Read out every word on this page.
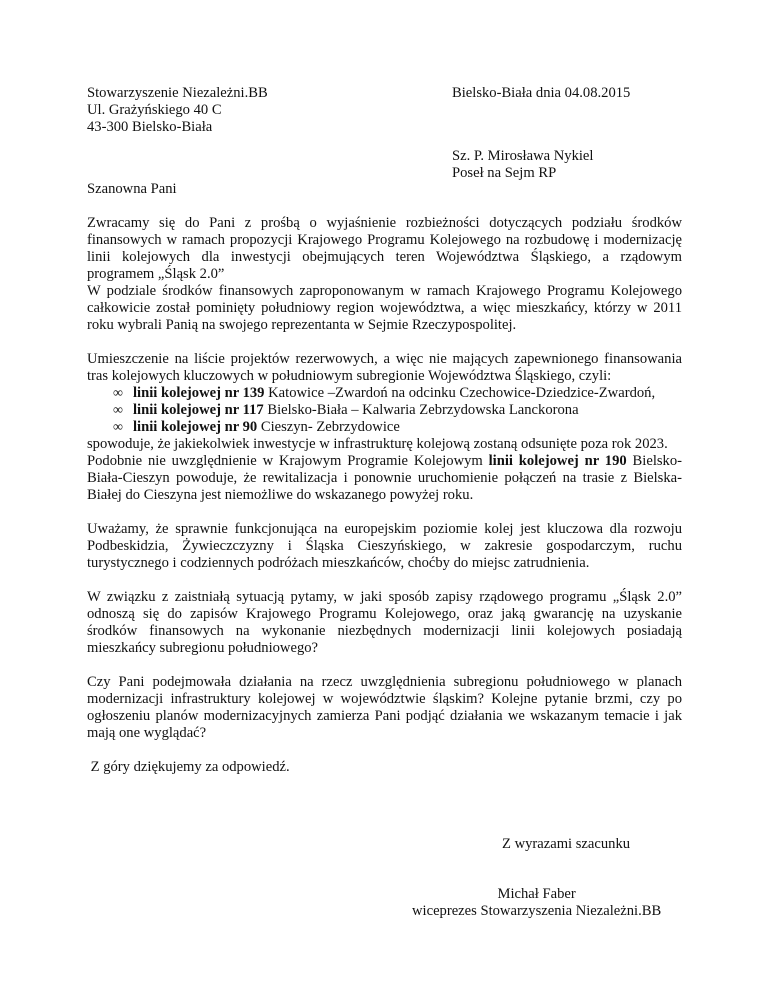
Stowarzyszenie Niezależni.BB
Ul. Grażyńskiego 40 C
43-300 Bielsko-Biała
Bielsko-Biała dnia 04.08.2015
Sz. P. Mirosława Nykiel
Poseł na Sejm RP
Szanowna Pani

Zwracamy się do Pani z prośbą o wyjaśnienie rozbieżności dotyczących podziału środków finansowych w ramach propozycji Krajowego Programu Kolejowego na rozbudowę i modernizację linii kolejowych dla inwestycji obejmujących teren Województwa Śląskiego, a rządowym programem „Śląsk 2.0”
W podziale środków finansowych zaproponowanym w ramach Krajowego Programu Kolejowego całkowicie został pominięty południowy region województwa, a więc mieszkańcy, którzy w 2011 roku wybrali Panią na swojego reprezentanta w Sejmie Rzeczypospolitej.

Umieszczenie na liście projektów rezerwowych, a więc nie mających zapewnionego finansowania tras kolejowych kluczowych w południowym subregionie Województwa Śląskiego, czyli:

∞ linii kolejowej nr 139 Katowice –Zwardoń na odcinku Czechowice-Dziedzice-Zwardoń,
∞ linii kolejowej nr 117 Bielsko-Biała – Kalwaria Zebrzydowska Lanckorona
∞ linii kolejowej nr 90 Cieszyn- Zebrzydowice

spowoduje, że jakiekolwiek inwestycje w infrastrukturę kolejową zostaną odsunięte poza rok 2023.

Podobnie nie uwzględnienie w Krajowym Programie Kolejowym linii kolejowej nr 190 Bielsko-Biała-Cieszyn powoduje, że rewitalizacja i ponownie uruchomienie połączeń na trasie z Bielska-Białej do Cieszyna jest niemożliwe do wskazanego powyżej roku.

Uważamy, że sprawnie funkcjonująca na europejskim poziomie kolej jest kluczowa dla rozwoju Podbeskidzia, Żywieczczyzny i Śląska Cieszyńskiego, w zakresie gospodarczym, ruchu turystycznego i codziennych podróżach mieszkańców, choćby do miejsc zatrudnienia.

W związku z zaistniałą sytuacją pytamy, w jaki sposób zapisy rządowego programu „Śląsk 2.0” odnoszą się do zapisów Krajowego Programu Kolejowego, oraz jaką gwarancję na uzyskanie środków finansowych na wykonanie niezbędnych modernizacji linii kolejowych posiadają mieszkańcy subregionu południowego?

Czy Pani podejmowała działania na rzecz uwzględnienia subregionu południowego w planach modernizacji infrastruktury kolejowej w województwie śląskim? Kolejne pytanie brzmi, czy po ogłoszeniu planów modernizacyjnych zamierza Pani podjąć działania we wskazanym temacie i jak mają one wyglądać?

Z góry dziękujemy za odpowiedź.

Z wyrazami szacunku
Michał Faber
wiceprezes Stowarzyszenia Niezależni.BB
